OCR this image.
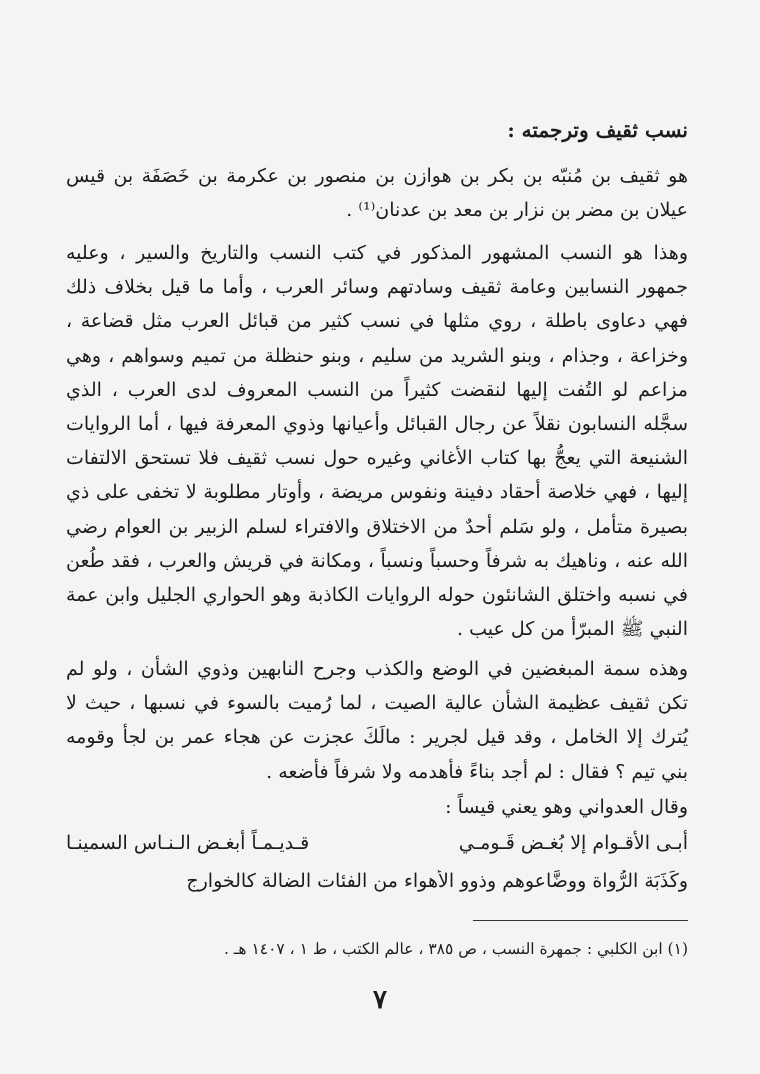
نسب ثقيف وترجمته :

هو ثقيف بن مُنبّه بن بكر بن هوازن بن منصور بن عكرمة بن خَصَفَة بن قيس عيلان بن مضر بن نزار بن معد بن عدنان⁽¹⁾ .

وهذا هو النسب المشهور المذكور في كتب النسب والتاريخ والسير ، وعليه جمهور النسابين وعامة ثقيف وسادتهم وسائر العرب ، وأما ما قيل بخلاف ذلك فهي دعاوى باطلة ، روي مثلها في نسب كثير من قبائل العرب مثل قضاعة ، وخزاعة ، وجذام ، وبنو الشريد من سليم ، وبنو حنظلة من تميم وسواهم ، وهي مزاعم لو التُفت إليها لنقضت كثيراً من النسب المعروف لدى العرب ، الذي سجَّله النسابون نقلاً عن رجال القبائل وأعيانها وذوي المعرفة فيها ، أما الروايات الشنيعة التي يعجُّ بها كتاب الأغاني وغيره حول نسب ثقيف فلا تستحق الالتفات إليها ، فهي خلاصة أحقاد دفينة ونفوس مريضة ، وأوتار مطلوبة لا تخفى على ذي بصيرة متأمل ، ولو سَلم أحدٌ من الاختلاق والافتراء لسلم الزبير بن العوام رضي الله عنه ، وناهيك به شرفاً وحسباً ونسباً ، ومكانة في قريش والعرب ، فقد طُعن في نسبه واختلق الشانئون حوله الروايات الكاذبة وهو الحواري الجليل وابن عمة النبي ﷺ المبرّأ من كل عيب .

وهذه سمة المبغضين في الوضع والكذب وجرح النابهين وذوي الشأن ، ولو لم تكن ثقيف عظيمة الشأن عالية الصيت ، لما رُميت بالسوء في نسبها ، حيث لا يُترك إلا الخامل ، وقد قيل لجرير : مالَكَ عجزت عن هجاء عمر بن لجأ وقومه بني تيم ؟ فقال : لم أجد بناءً فأهدمه ولا شرفاً فأضعه .

وقال العدواني وهو يعني قيساً :

أبـى الأقـوام إلا بُغـض قَـومـي
قـديـمـاً أبغـض الـنـاس السمينـا

وكَذَبَة الرُّواة ووضَّاعوهم وذوو الأهواء من الفئات الضالة كالخوارج

(١) ابن الكلبي : جمهرة النسب ، ص ٣٨٥ ، عالم الكتب ، ط ١ ، ١٤٠٧ هـ .

٧
